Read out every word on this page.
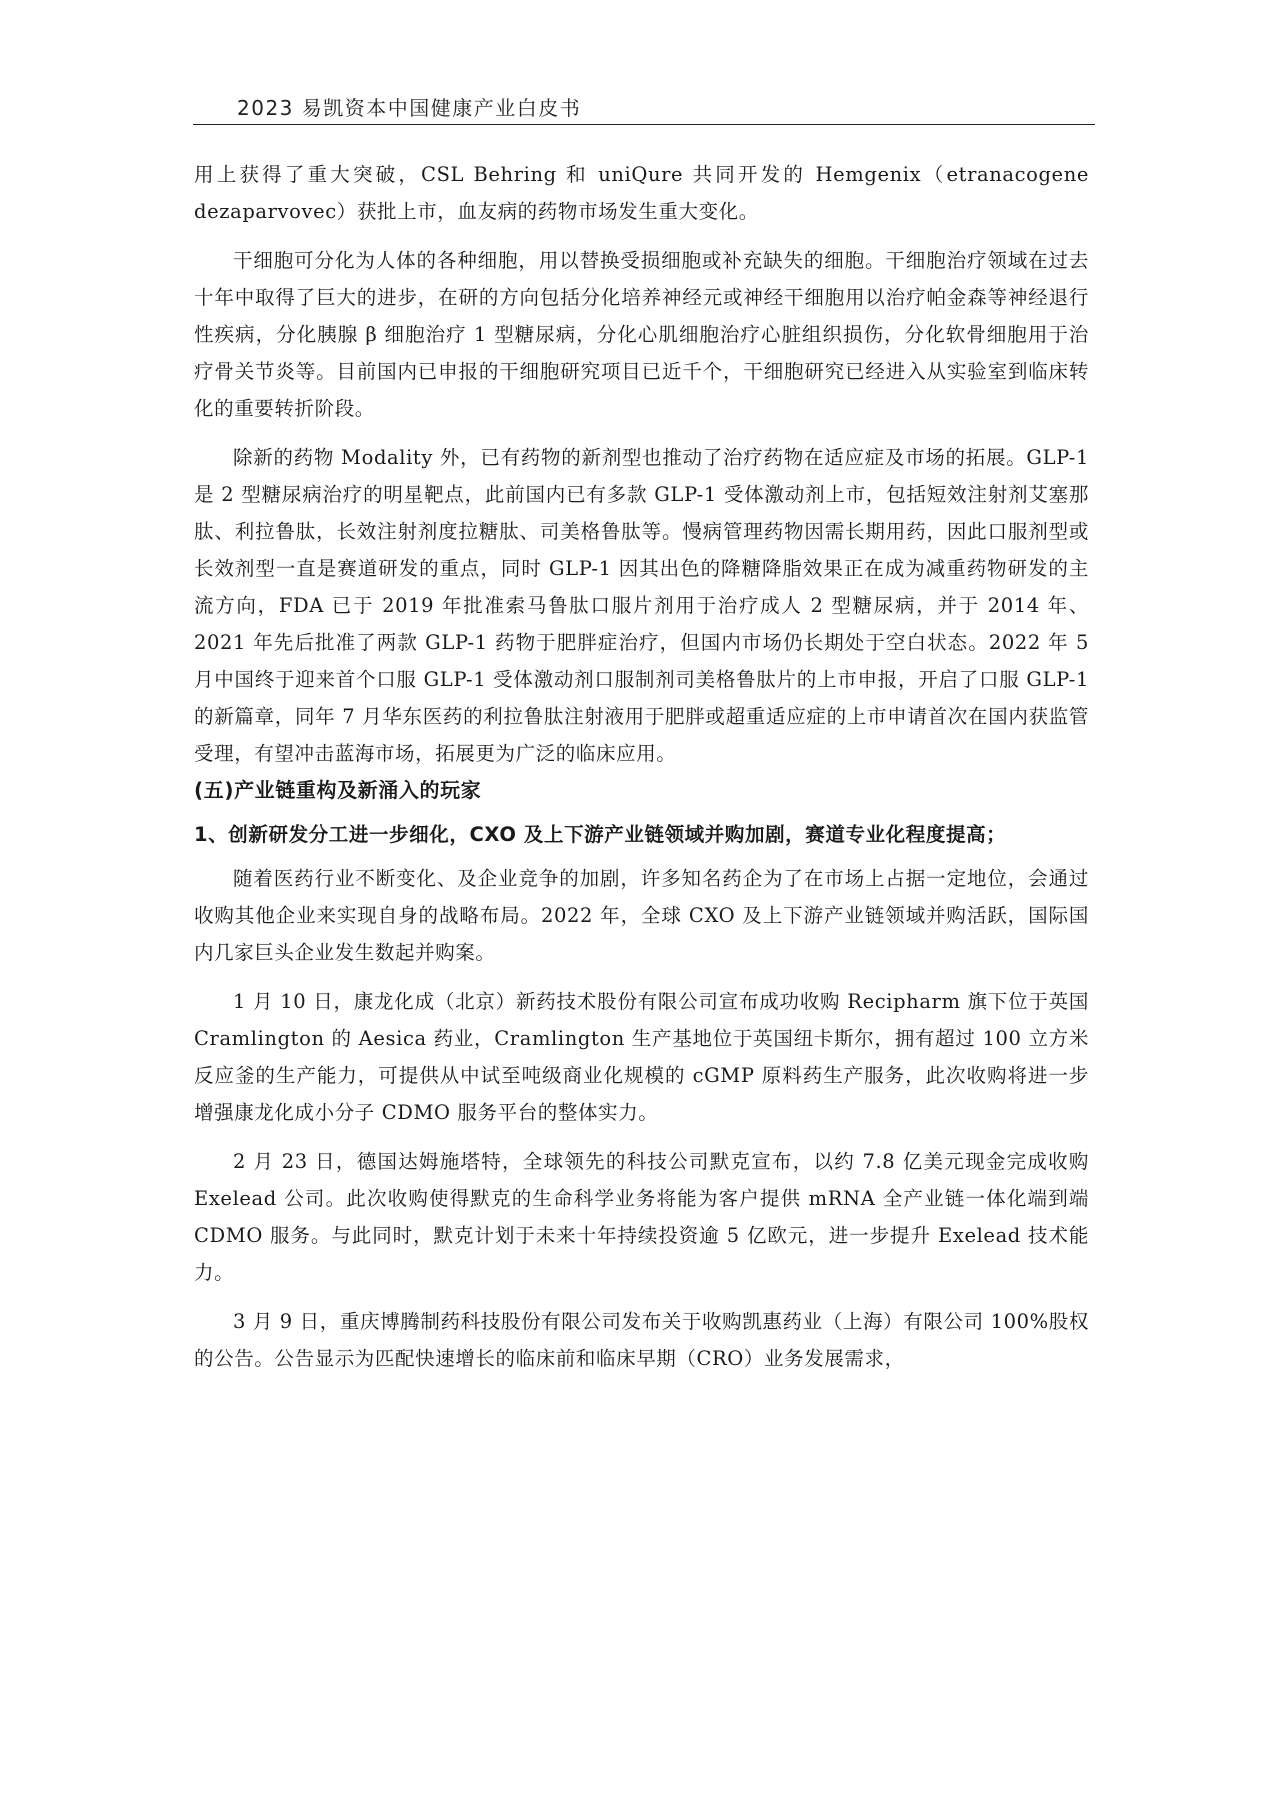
2023 易凯资本中国健康产业白皮书

用上获得了重大突破，CSL Behring 和 uniQure 共同开发的 Hemgenix（etranacogene dezaparvovec）获批上市，血友病的药物市场发生重大变化。

干细胞可分化为人体的各种细胞，用以替换受损细胞或补充缺失的细胞。干细胞治疗领域在过去十年中取得了巨大的进步，在研的方向包括分化培养神经元或神经干细胞用以治疗帕金森等神经退行性疾病，分化胰腺 β 细胞治疗 1 型糖尿病，分化心肌细胞治疗心脏组织损伤，分化软骨细胞用于治疗骨关节炎等。目前国内已申报的干细胞研究项目已近千个，干细胞研究已经进入从实验室到临床转化的重要转折阶段。

除新的药物 Modality 外，已有药物的新剂型也推动了治疗药物在适应症及市场的拓展。GLP-1 是 2 型糖尿病治疗的明星靶点，此前国内已有多款 GLP-1 受体激动剂上市，包括短效注射剂艾塞那肽、利拉鲁肽，长效注射剂度拉糖肽、司美格鲁肽等。慢病管理药物因需长期用药，因此口服剂型或长效剂型一直是赛道研发的重点，同时 GLP-1 因其出色的降糖降脂效果正在成为减重药物研发的主流方向，FDA 已于 2019 年批准索马鲁肽口服片剂用于治疗成人 2 型糖尿病，并于 2014 年、2021 年先后批准了两款 GLP-1 药物于肥胖症治疗，但国内市场仍长期处于空白状态。2022 年 5 月中国终于迎来首个口服 GLP-1 受体激动剂口服制剂司美格鲁肽片的上市申报，开启了口服 GLP-1 的新篇章，同年 7 月华东医药的利拉鲁肽注射液用于肥胖或超重适应症的上市申请首次在国内获监管受理，有望冲击蓝海市场，拓展更为广泛的临床应用。

(五)产业链重构及新涌入的玩家
1、创新研发分工进一步细化，CXO 及上下游产业链领域并购加剧，赛道专业化程度提高；

随着医药行业不断变化、及企业竞争的加剧，许多知名药企为了在市场上占据一定地位，会通过收购其他企业来实现自身的战略布局。2022 年，全球 CXO 及上下游产业链领域并购活跃，国际国内几家巨头企业发生数起并购案。

1 月 10 日，康龙化成（北京）新药技术股份有限公司宣布成功收购 Recipharm 旗下位于英国 Cramlington 的 Aesica 药业，Cramlington 生产基地位于英国纽卡斯尔，拥有超过 100 立方米反应釜的生产能力，可提供从中试至吨级商业化规模的 cGMP 原料药生产服务，此次收购将进一步增强康龙化成小分子 CDMO 服务平台的整体实力。

2 月 23 日，德国达姆施塔特，全球领先的科技公司默克宣布，以约 7.8 亿美元现金完成收购 Exelead 公司。此次收购使得默克的生命科学业务将能为客户提供 mRNA 全产业链一体化端到端 CDMO 服务。与此同时，默克计划于未来十年持续投资逾 5 亿欧元，进一步提升 Exelead 技术能力。

3 月 9 日，重庆博腾制药科技股份有限公司发布关于收购凯惠药业（上海）有限公司 100%股权的公告。公告显示为匹配快速增长的临床前和临床早期（CRO）业务发展需求，
